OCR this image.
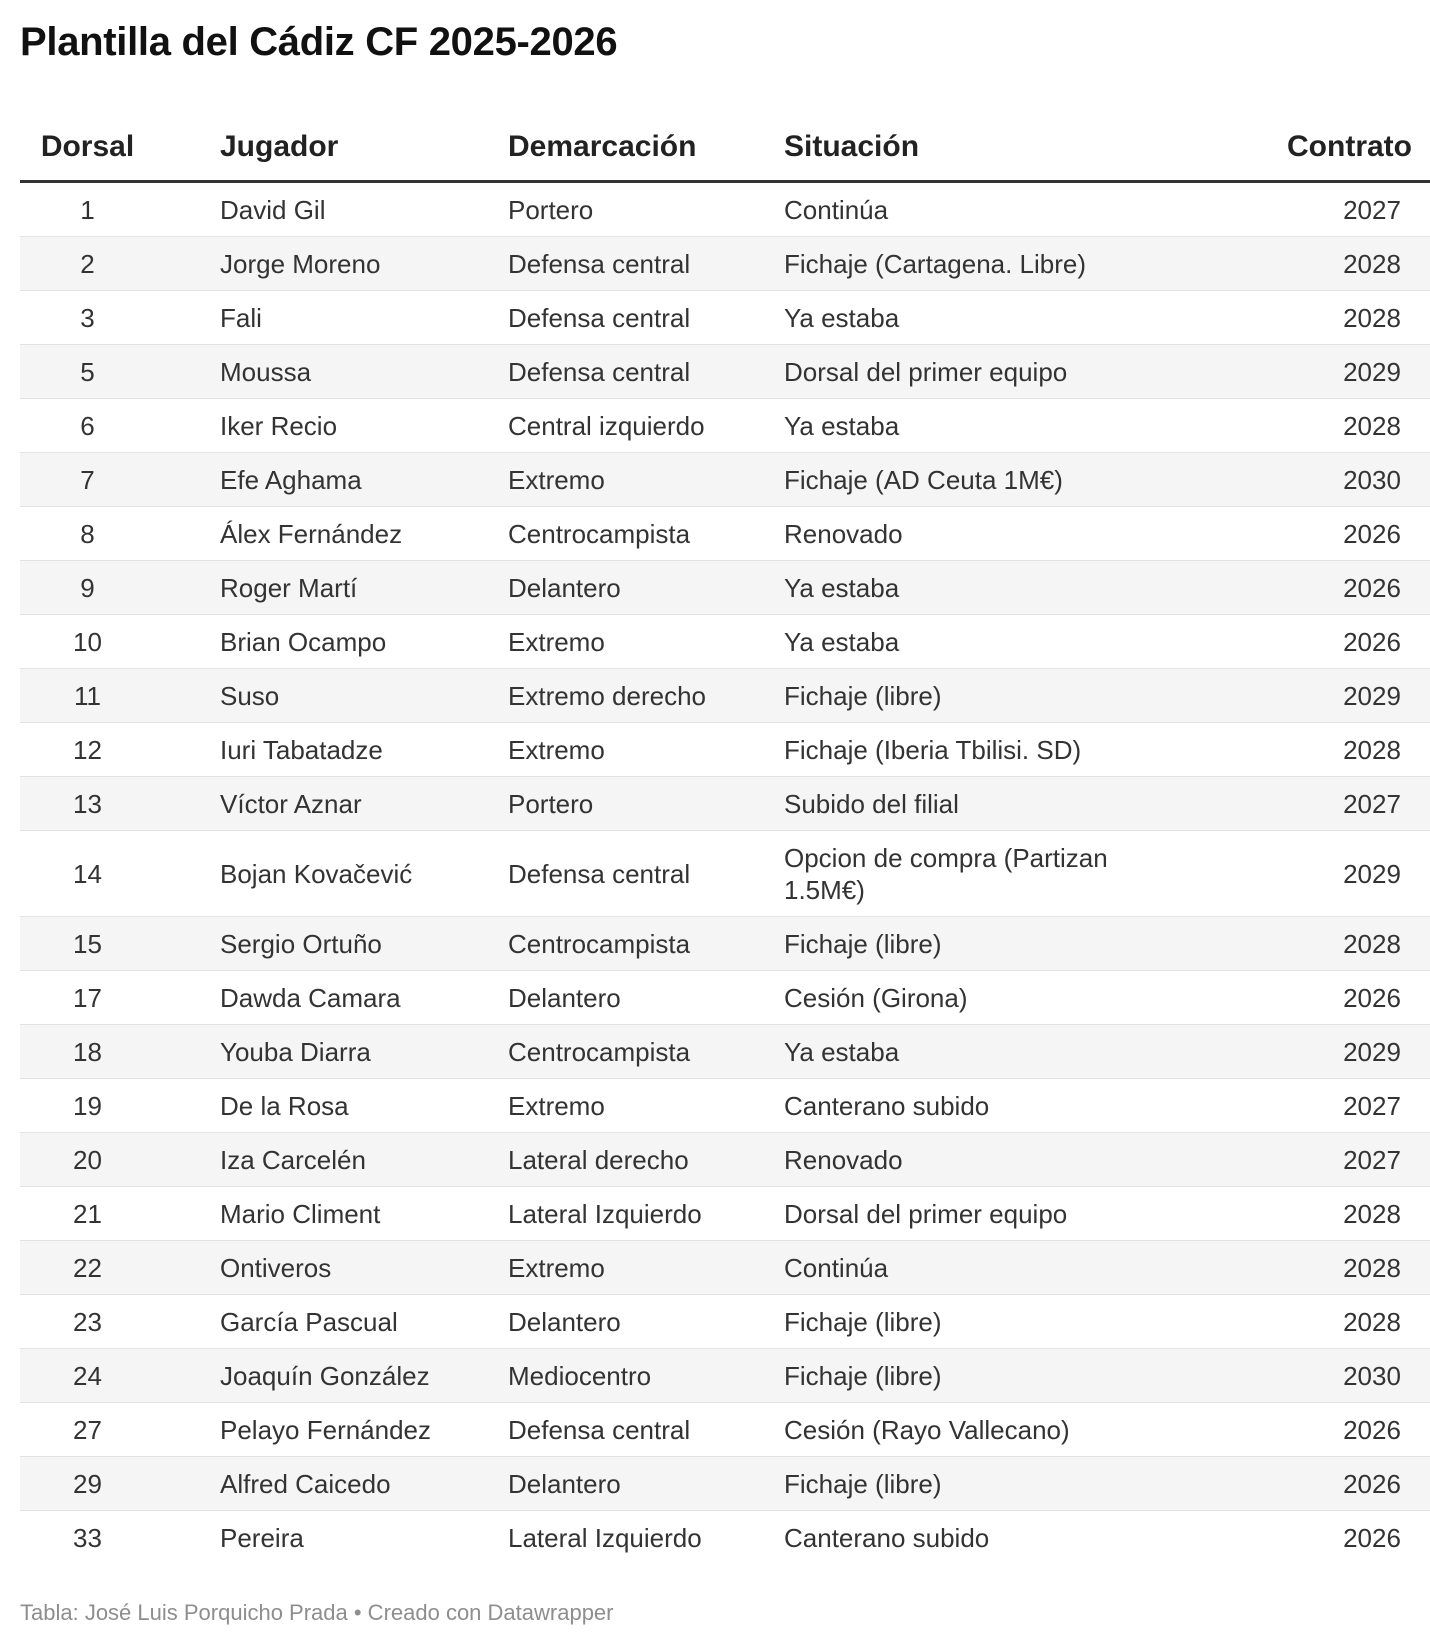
Plantilla del Cádiz CF 2025-2026
Dorsal	Jugador	Demarcación	Situación	Contrato
1	David Gil	Portero	Continúa	2027
2	Jorge Moreno	Defensa central	Fichaje (Cartagena. Libre)	2028
3	Fali	Defensa central	Ya estaba	2028
5	Moussa	Defensa central	Dorsal del primer equipo	2029
6	Iker Recio	Central izquierdo	Ya estaba	2028
7	Efe Aghama	Extremo	Fichaje (AD Ceuta 1M€)	2030
8	Álex Fernández	Centrocampista	Renovado	2026
9	Roger Martí	Delantero	Ya estaba	2026
10	Brian Ocampo	Extremo	Ya estaba	2026
11	Suso	Extremo derecho	Fichaje (libre)	2029
12	Iuri Tabatadze	Extremo	Fichaje (Iberia Tbilisi. SD)	2028
13	Víctor Aznar	Portero	Subido del filial	2027
14	Bojan Kovačević	Defensa central	Opcion de compra (Partizan 1.5M€)	2029
15	Sergio Ortuño	Centrocampista	Fichaje (libre)	2028
17	Dawda Camara	Delantero	Cesión (Girona)	2026
18	Youba Diarra	Centrocampista	Ya estaba	2029
19	De la Rosa	Extremo	Canterano subido	2027
20	Iza Carcelén	Lateral derecho	Renovado	2027
21	Mario Climent	Lateral Izquierdo	Dorsal del primer equipo	2028
22	Ontiveros	Extremo	Continúa	2028
23	García Pascual	Delantero	Fichaje (libre)	2028
24	Joaquín González	Mediocentro	Fichaje (libre)	2030
27	Pelayo Fernández	Defensa central	Cesión (Rayo Vallecano)	2026
29	Alfred Caicedo	Delantero	Fichaje (libre)	2026
33	Pereira	Lateral Izquierdo	Canterano subido	2026
Tabla: José Luis Porquicho Prada • Creado con Datawrapper
